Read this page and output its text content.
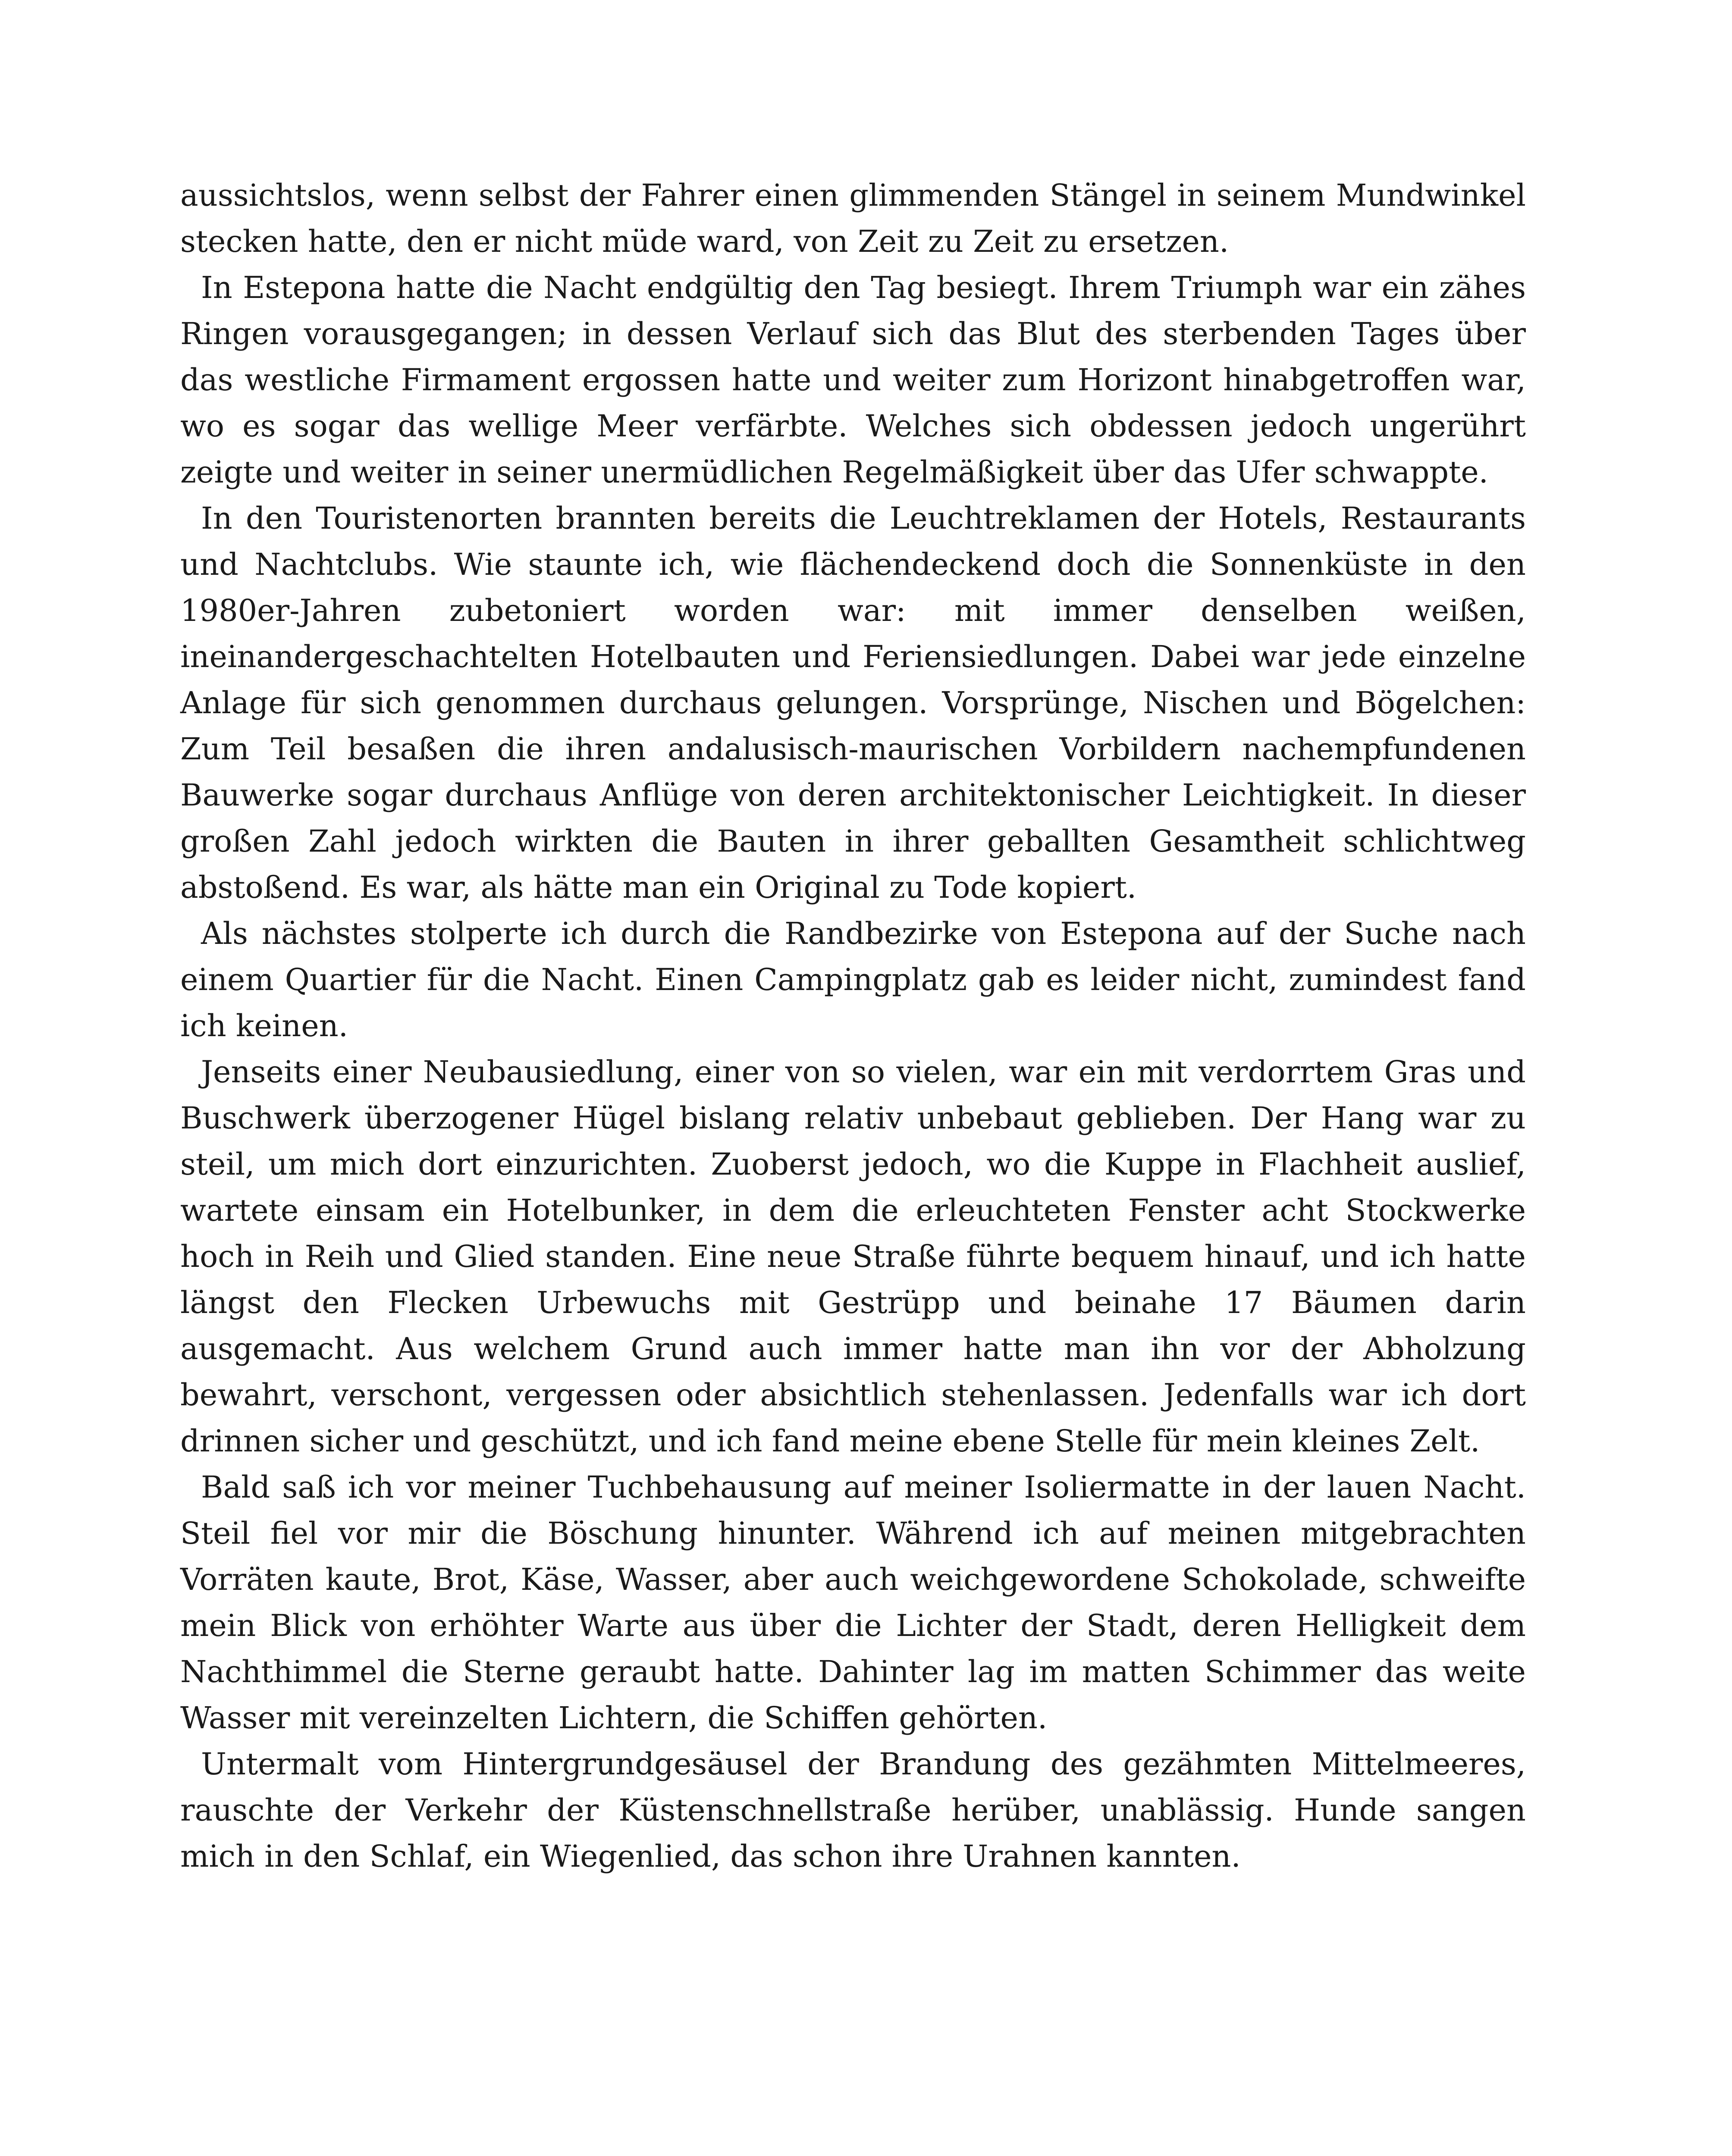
aussichtslos, wenn selbst der Fahrer einen glimmenden Stängel in seinem Mundwinkel stecken hatte, den er nicht müde ward, von Zeit zu Zeit zu ersetzen.

In Estepona hatte die Nacht endgültig den Tag besiegt. Ihrem Triumph war ein zähes Ringen vorausgegangen; in dessen Verlauf sich das Blut des sterbenden Tages über das westliche Firmament ergossen hatte und weiter zum Horizont hinabgetroffen war, wo es sogar das wellige Meer verfärbte. Welches sich obdessen jedoch ungerührt zeigte und weiter in seiner unermüdlichen Regelmäßigkeit über das Ufer schwappte.

In den Touristenorten brannten bereits die Leuchtreklamen der Hotels, Restaurants und Nachtclubs. Wie staunte ich, wie flächendeckend doch die Sonnenküste in den 1980er-Jahren zubetoniert worden war: mit immer denselben weißen, ineinandergeschachtelten Hotelbauten und Feriensiedlungen. Dabei war jede einzelne Anlage für sich genommen durchaus gelungen. Vorsprünge, Nischen und Bögelchen: Zum Teil besaßen die ihren andalusisch-maurischen Vorbildern nachempfundenen Bauwerke sogar durchaus Anflüge von deren architektonischer Leichtigkeit. In dieser großen Zahl jedoch wirkten die Bauten in ihrer geballten Gesamtheit schlichtweg abstoßend. Es war, als hätte man ein Original zu Tode kopiert.

Als nächstes stolperte ich durch die Randbezirke von Estepona auf der Suche nach einem Quartier für die Nacht. Einen Campingplatz gab es leider nicht, zumindest fand ich keinen.

Jenseits einer Neubausiedlung, einer von so vielen, war ein mit verdorrtem Gras und Buschwerk überzogener Hügel bislang relativ unbebaut geblieben. Der Hang war zu steil, um mich dort einzurichten. Zuoberst jedoch, wo die Kuppe in Flachheit auslief, wartete einsam ein Hotelbunker, in dem die erleuchteten Fenster acht Stockwerke hoch in Reih und Glied standen. Eine neue Straße führte bequem hinauf, und ich hatte längst den Flecken Urbewuchs mit Gestrüpp und beinahe 17 Bäumen darin ausgemacht. Aus welchem Grund auch immer hatte man ihn vor der Abholzung bewahrt, verschont, vergessen oder absichtlich stehenlassen. Jedenfalls war ich dort drinnen sicher und geschützt, und ich fand meine ebene Stelle für mein kleines Zelt.

Bald saß ich vor meiner Tuchbehausung auf meiner Isoliermatte in der lauen Nacht. Steil fiel vor mir die Böschung hinunter. Während ich auf meinen mitgebrachten Vorräten kaute, Brot, Käse, Wasser, aber auch weichgewordene Schokolade, schweifte mein Blick von erhöhter Warte aus über die Lichter der Stadt, deren Helligkeit dem Nachthimmel die Sterne geraubt hatte. Dahinter lag im matten Schimmer das weite Wasser mit vereinzelten Lichtern, die Schiffen gehörten.

Untermalt vom Hintergrundgesäusel der Brandung des gezähmten Mittelmeeres, rauschte der Verkehr der Küstenschnellstraße herüber, unablässig. Hunde sangen mich in den Schlaf, ein Wiegenlied, das schon ihre Urahnen kannten.
